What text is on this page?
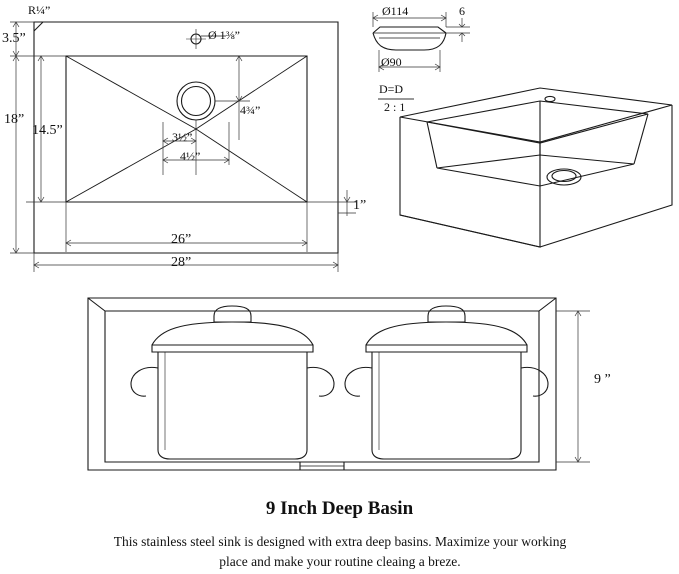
R¼”
3.5”
18”
14.5”
26”
28”
1”
Ø 1⅜”
4¾”
3½”
4½”
Ø114	6
Ø90
D=D
2 : 1
9 ”
9 Inch Deep Basin
This stainless steel sink is designed with extra deep basins. Maximize your working place and make your routine cleaing a breze.
